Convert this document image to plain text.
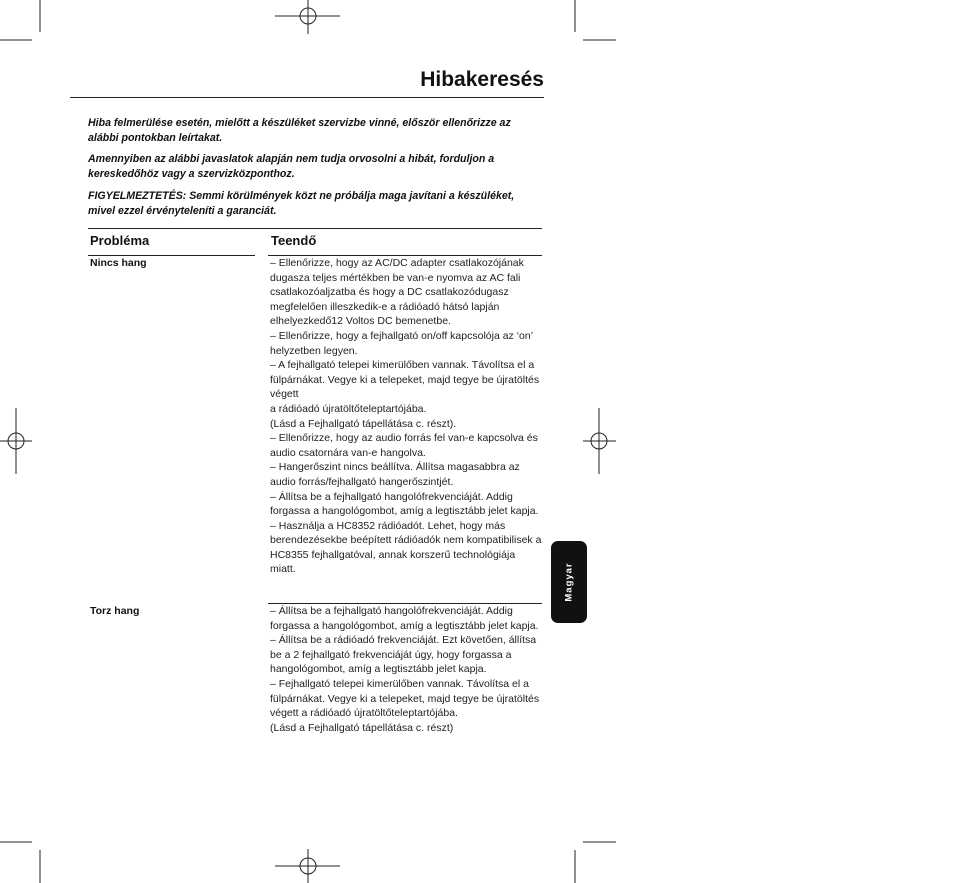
Hibakeresés

Hiba felmerülése esetén, mielőtt a készüléket szervizbe vinné, először ellenőrizze az alábbi pontokban leírtakat.

Amennyiben az alábbi javaslatok alapján nem tudja orvosolni a hibát, forduljon a kereskedőhöz vagy a szervizközponthoz.

FIGYELMEZTETÉS: Semmi körülmények közt ne próbálja maga javítani a készüléket, mivel ezzel érvényteleníti a garanciát.

Probléma	Teendő

Nincs hang	– Ellenőrizze, hogy az AC/DC adapter csatlakozójának dugasza teljes mértékben be van-e nyomva az AC fali csatlakozóaljzatba és hogy a DC csatlakozódugasz megfelelően illeszkedik-e a rádióadó hátsó lapján elhelyezkedő12 Voltos DC bemenetbe.
– Ellenőrizze, hogy a fejhallgató on/off kapcsolója az ‘on’ helyzetben legyen.
– A fejhallgató telepei kimerülőben vannak. Távolítsa el a fülpárnákat. Vegye ki a telepeket, majd tegye be újratöltés végett
a rádióadó újratöltőteleptartójába.
(Lásd a Fejhallgató tápellátása c. részt).
– Ellenőrizze, hogy az audio forrás fel van-e kapcsolva és audio csatornára van-e hangolva.
– Hangerőszint nincs beállítva. Állítsa magasabbra az audio forrás/fejhallgató hangerőszintjét.
– Állítsa be a fejhallgató hangolófrekvenciáját. Addig forgassa a hangológombot, amíg a legtisztább jelet kapja.
– Használja a HC8352 rádióadót. Lehet, hogy más berendezésekbe beépített rádióadók nem kompatibilisek a HC8355 fejhallgatóval, annak korszerű technológiája miatt.

Torz hang	– Állítsa be a fejhallgató hangolófrekvenciáját. Addig forgassa a hangológombot, amíg a legtisztább jelet kapja.
– Állítsa be a rádióadó frekvenciáját. Ezt követően, állítsa be a 2 fejhallgató frekvenciáját úgy, hogy forgassa a hangológombot, amíg a legtisztább jelet kapja.
– Fejhallgató telepei kimerülőben vannak. Távolítsa el a fülpárnákat. Vegye ki a telepeket, majd tegye be újratöltés végett a rádióadó újratöltőteleptartójába.
(Lásd a Fejhallgató tápellátása c. részt)
Magyar
